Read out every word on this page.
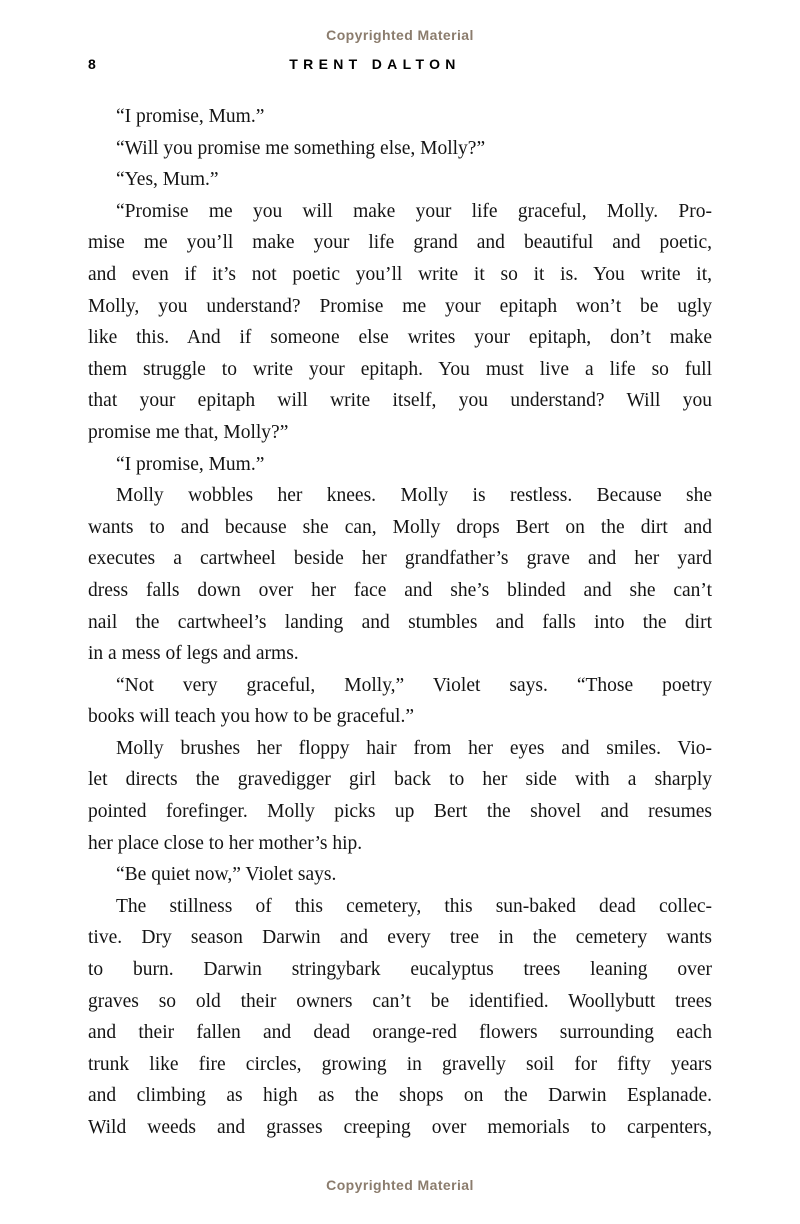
Copyrighted Material
8	TRENT DALTON

“I promise, Mum.”

“Will you promise me something else, Molly?”

“Yes, Mum.”

“Promise me you will make your life graceful, Molly. Pro-
mise me you’ll make your life grand and beautiful and poetic,
and even if it’s not poetic you’ll write it so it is. You write it,
Molly, you understand? Promise me your epitaph won’t be ugly
like this. And if someone else writes your epitaph, don’t make
them struggle to write your epitaph. You must live a life so full
that your epitaph will write itself, you understand? Will you
promise me that, Molly?”

“I promise, Mum.”

Molly wobbles her knees. Molly is restless. Because she
wants to and because she can, Molly drops Bert on the dirt and
executes a cartwheel beside her grandfather’s grave and her yard
dress falls down over her face and she’s blinded and she can’t
nail the cartwheel’s landing and stumbles and falls into the dirt
in a mess of legs and arms.

“Not very graceful, Molly,” Violet says. “Those poetry
books will teach you how to be graceful.”

Molly brushes her floppy hair from her eyes and smiles. Vio-
let directs the gravedigger girl back to her side with a sharply
pointed forefinger. Molly picks up Bert the shovel and resumes
her place close to her mother’s hip.

“Be quiet now,” Violet says.

The stillness of this cemetery, this sun-baked dead collec-
tive. Dry season Darwin and every tree in the cemetery wants
to burn. Darwin stringybark eucalyptus trees leaning over
graves so old their owners can’t be identified. Woollybutt trees
and their fallen and dead orange-red flowers surrounding each
trunk like fire circles, growing in gravelly soil for fifty years
and climbing as high as the shops on the Darwin Esplanade.
Wild weeds and grasses creeping over memorials to carpenters,

Copyrighted Material
